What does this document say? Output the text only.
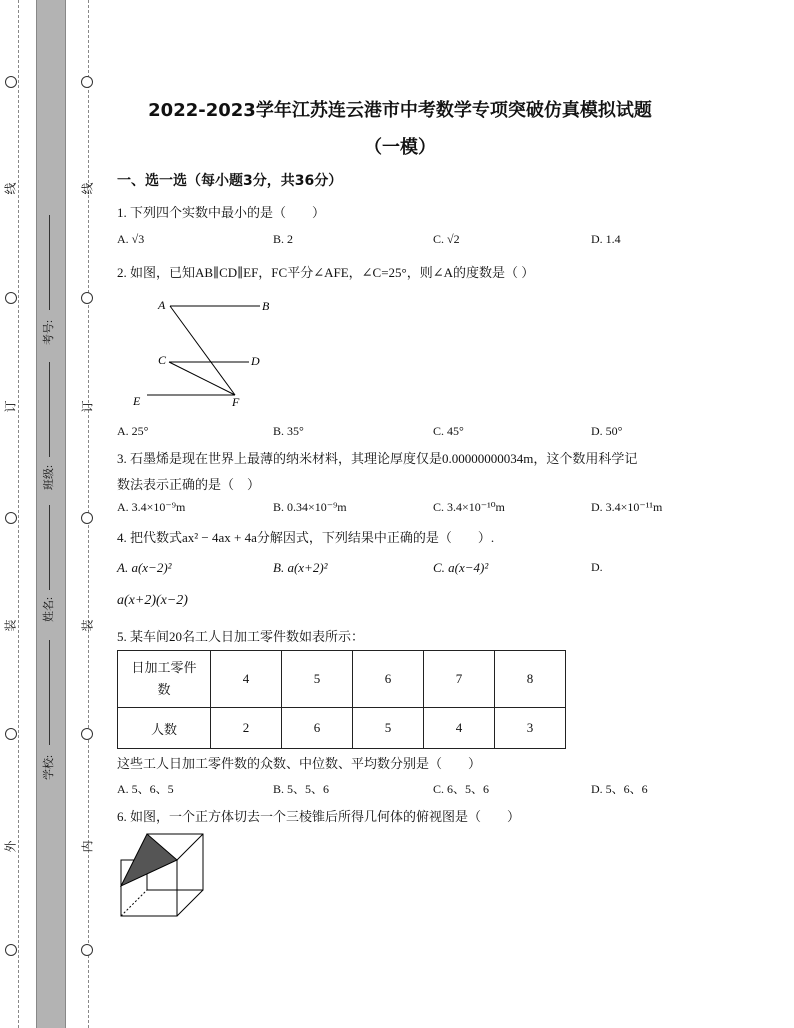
线
订
装
外
线
订
装
内
考号:
班级:
姓名:
学校:
2022-2023学年江苏连云港市中考数学专项突破仿真模拟试题
（一模）
一、选一选（每小题3分，共36分）
1. 下列四个实数中最小的是（　　）
A. √3	B. 2	C. √2	D. 1.4
2. 如图，已知AB∥CD∥EF，FC平分∠AFE，∠C=25°，则∠A的度数是（ ）
A	B
C	D
E	F
A. 25°	B. 35°	C. 45°	D. 50°
3. 石墨烯是现在世界上最薄的纳米材料，其理论厚度仅是0.00000000034m，这个数用科学记
数法表示正确的是（　）
A. 3.4×10⁻⁹m	B. 0.34×10⁻⁹m	C. 3.4×10⁻¹⁰m	D. 3.4×10⁻¹¹m
4. 把代数式ax² − 4ax + 4a分解因式，下列结果中正确的是（　　）.
A. a(x−2)²	B. a(x+2)²	C. a(x−4)²	D.
a(x+2)(x−2)
5. 某车间20名工人日加工零件数如表所示：
日加工零件
数	4	5	6	7	8
人数	2	6	5	4	3
这些工人日加工零件数的众数、中位数、平均数分别是（　　）
A. 5、6、5	B. 5、5、6	C. 6、5、6	D. 5、6、6
6. 如图，一个正方体切去一个三棱锥后所得几何体的俯视图是（　　）
